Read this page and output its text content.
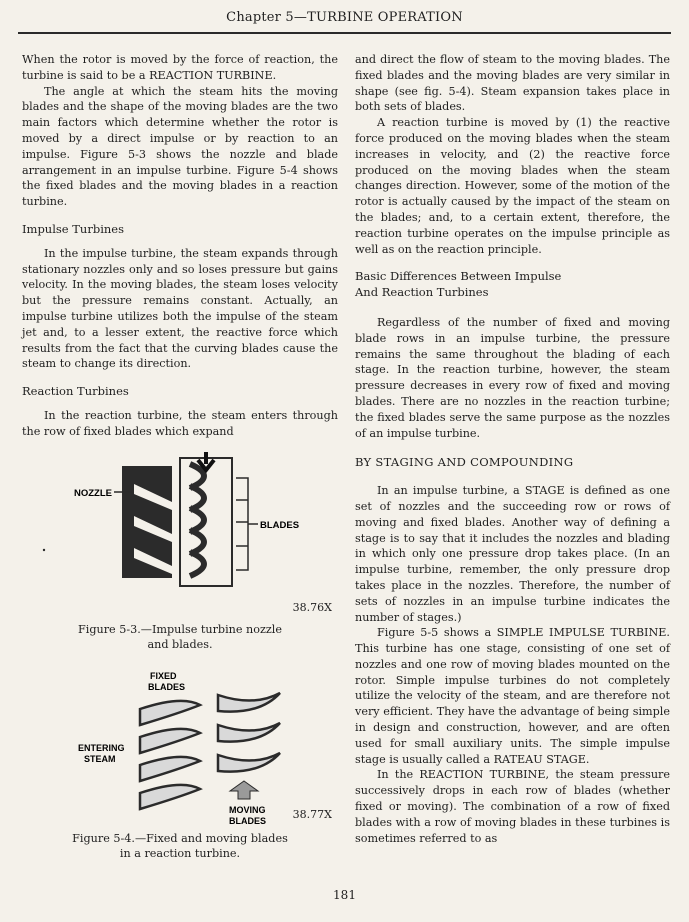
Chapter 5—TURBINE OPERATION

When the rotor is moved by the force of reaction, the turbine is said to be a REACTION TURBINE.

The angle at which the steam hits the moving blades and the shape of the moving blades are the two main factors which determine whether the rotor is moved by a direct impulse or by reaction to an impulse. Figure 5-3 shows the nozzle and blade arrangement in an impulse turbine. Figure 5-4 shows the fixed blades and the moving blades in a reaction turbine.

Impulse Turbines

In the impulse turbine, the steam expands through stationary nozzles only and so loses pressure but gains velocity. In the moving blades, the steam loses velocity but the pressure remains constant. Actually, an impulse turbine utilizes both the impulse of the steam jet and, to a lesser extent, the reactive force which results from the fact that the curving blades cause the steam to change its direction.

Reaction Turbines

In the reaction turbine, the steam enters through the row of fixed blades which expand

BLADES
NOZZLE
38.76X
Figure 5-3.—Impulse turbine nozzle
and blades.
FIXED
BLADES
ENTERING
STEAM
MOVING
BLADES 38.77X
Figure 5-4.—Fixed and moving blades
in a reaction turbine.

and direct the flow of steam to the moving blades. The fixed blades and the moving blades are very similar in shape (see fig. 5-4). Steam expansion takes place in both sets of blades.

A reaction turbine is moved by (1) the reactive force produced on the moving blades when the steam increases in velocity, and (2) the reactive force produced on the moving blades when the steam changes direction. However, some of the motion of the rotor is actually caused by the impact of the steam on the blades; and, to a certain extent, therefore, the reaction turbine operates on the impulse principle as well as on the reaction principle.

Basic Differences Between Impulse
And Reaction Turbines

Regardless of the number of fixed and moving blade rows in an impulse turbine, the pressure remains the same throughout the blading of each stage. In the reaction turbine, however, the steam pressure decreases in every row of fixed and moving blades. There are no nozzles in the reaction turbine; the fixed blades serve the same purpose as the nozzles of an impulse turbine.

BY STAGING AND COMPOUNDING

In an impulse turbine, a STAGE is defined as one set of nozzles and the succeeding row or rows of moving and fixed blades. Another way of defining a stage is to say that it includes the nozzles and blading in which only one pressure drop takes place. (In an impulse turbine, remember, the only pressure drop takes place in the nozzles. Therefore, the number of sets of nozzles in an impulse turbine indicates the number of stages.)

Figure 5-5 shows a SIMPLE IMPULSE TURBINE. This turbine has one stage, consisting of one set of nozzles and one row of moving blades mounted on the rotor. Simple impulse turbines do not completely utilize the velocity of the steam, and are therefore not very efficient. They have the advantage of being simple in design and construction, however, and are often used for small auxiliary units. The simple impulse stage is usually called a RATEAU STAGE.

In the REACTION TURBINE, the steam pressure successively drops in each row of blades (whether fixed or moving). The combination of a row of fixed blades with a row of moving blades in these turbines is sometimes referred to as

181
